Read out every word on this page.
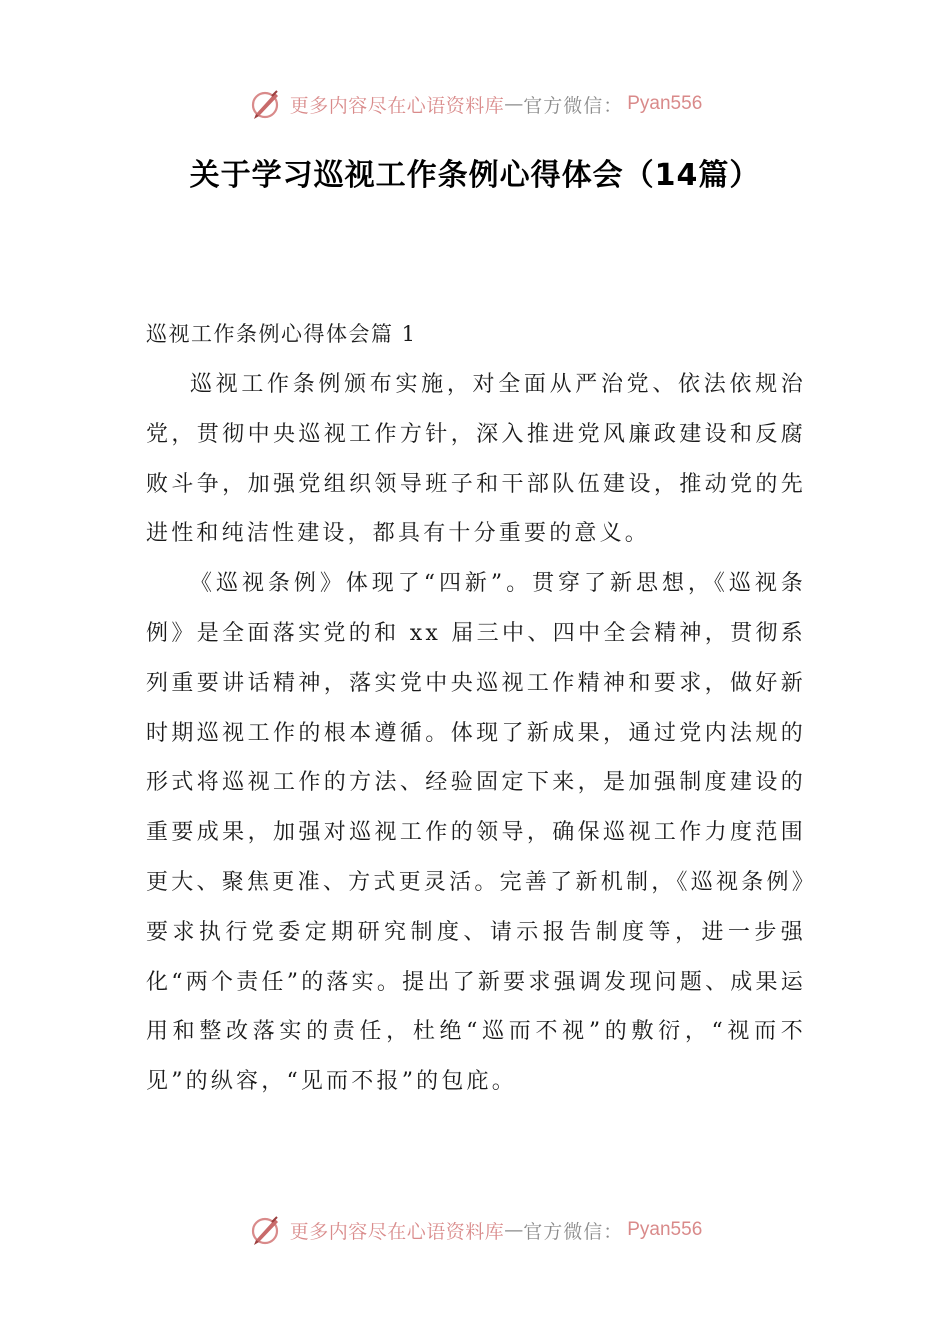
更多内容尽在心语资料库 — 官方微信： Pyan556
关于学习巡视工作条例心得体会（14篇）
巡视工作条例心得体会篇 1

巡视工作条例颁布实施，对全面从严治党、依法依规治党，贯彻中央巡视工作方针，深入推进党风廉政建设和反腐败斗争，加强党组织领导班子和干部队伍建设，推动党的先进性和纯洁性建设，都具有十分重要的意义。

《巡视条例》体现了“四新”。贯穿了新思想，《巡视条例》是全面落实党的和 xx 届三中、四中全会精神，贯彻系列重要讲话精神，落实党中央巡视工作精神和要求，做好新时期巡视工作的根本遵循。体现了新成果，通过党内法规的形式将巡视工作的方法、经验固定下来，是加强制度建设的重要成果，加强对巡视工作的领导，确保巡视工作力度范围更大、聚焦更准、方式更灵活。完善了新机制，《巡视条例》要求执行党委定期研究制度、请示报告制度等，进一步强化“两个责任”的落实。提出了新要求强调发现问题、成果运用和整改落实的责任，杜绝“巡而不视”的敷衍，“视而不见”的纵容，“见而不报”的包庇。

更多内容尽在心语资料库 — 官方微信： Pyan556
